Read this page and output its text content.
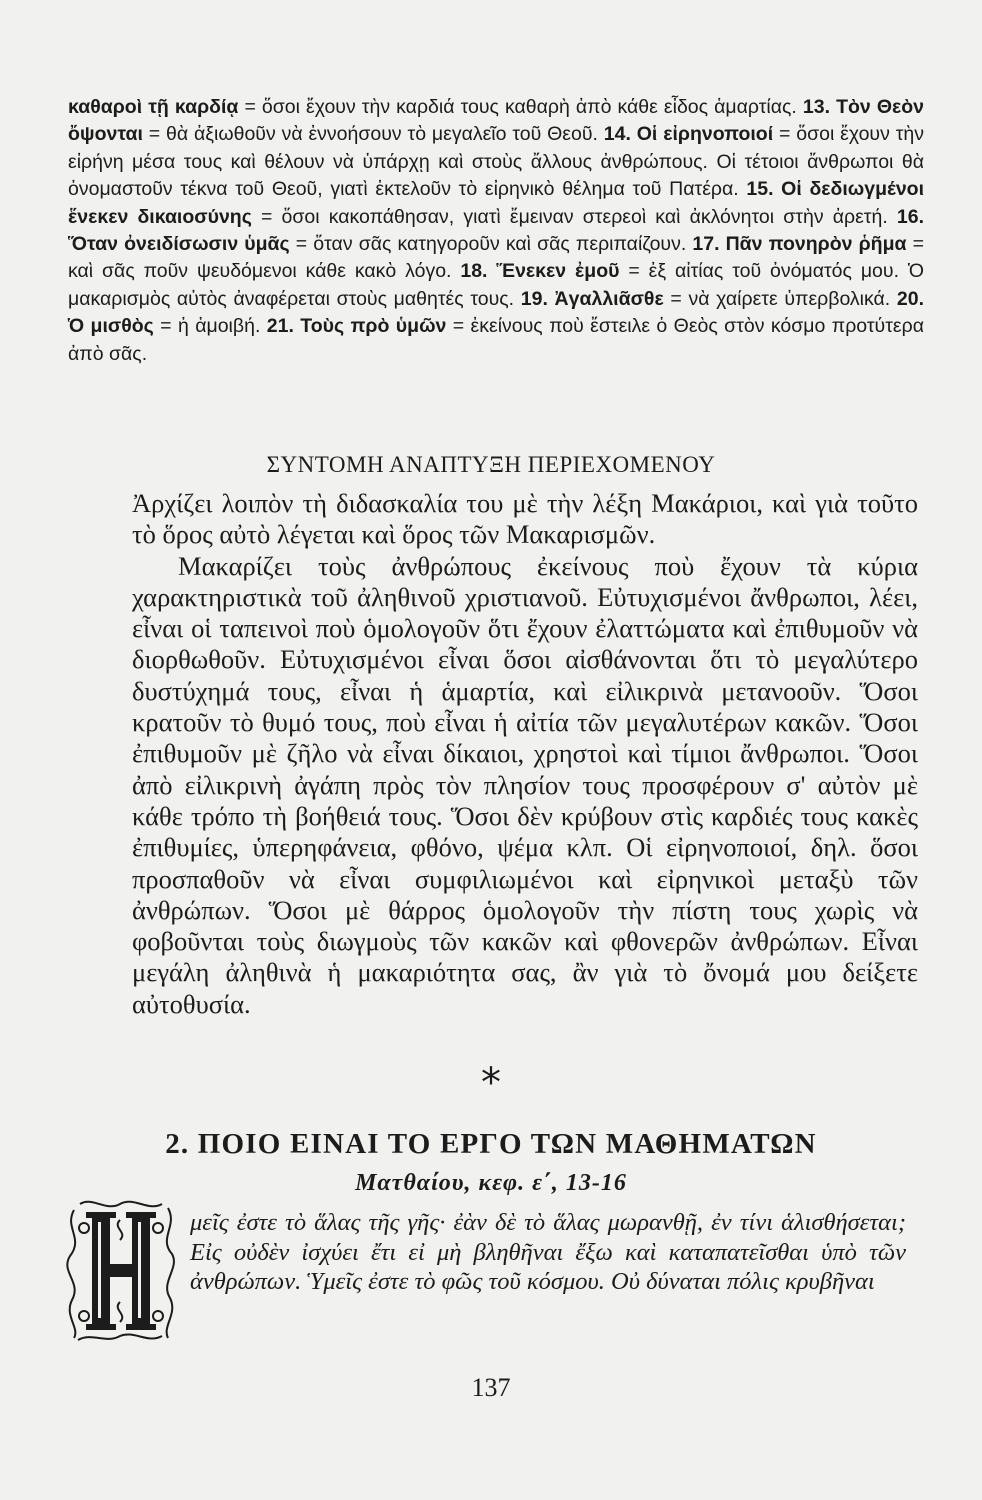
καθαροὶ τῇ καρδίᾳ = ὅσοι ἔχουν τὴν καρδιά τους καθαρὴ ἀπὸ κάθε εἶδος ἁμαρτίας. 13. Τὸν Θεὸν ὄψονται = θὰ ἀξιωθοῦν νὰ ἐννοήσουν τὸ μεγαλεῖο τοῦ Θεοῦ. 14. Οἱ εἰρηνοποιοί = ὅσοι ἔχουν τὴν εἰρήνη μέσα τους καὶ θέλουν νὰ ὑπάρχῃ καὶ στοὺς ἄλλους ἀνθρώπους. Οἱ τέτοιοι ἄνθρωποι θὰ ὀνομαστοῦν τέκνα τοῦ Θεοῦ, γιατὶ ἐκτελοῦν τὸ εἰρηνικὸ θέλημα τοῦ Πατέρα. 15. Οἱ δεδιωγμένοι ἕνεκεν δικαιοσύνης = ὅσοι κακοπάθησαν, γιατὶ ἔμειναν στερεοὶ καὶ ἀκλόνητοι στὴν ἀρετή. 16. Ὅταν ὀνειδίσωσιν ὑμᾶς = ὅταν σᾶς κατηγοροῦν καὶ σᾶς περιπαίζουν. 17. Πᾶν πονηρὸν ῥῆμα = καὶ σᾶς ποῦν ψευδόμενοι κάθε κακὸ λόγο. 18. Ἕνεκεν ἐμοῦ = ἐξ αἰτίας τοῦ ὀνόματός μου. Ὁ μακαρισμὸς αὐτὸς ἀναφέρεται στοὺς μαθητές τους. 19. Ἀγαλλιᾶσθε = νὰ χαίρετε ὑπερβολικά. 20. Ὁ μισθὸς = ἡ ἀμοιβή. 21. Τοὺς πρὸ ὑμῶν = ἐκείνους ποὺ ἔστειλε ὁ Θεὸς στὸν κόσμο προτύτερα ἀπὸ σᾶς.

ΣΥΝΤΟΜΗ ΑΝΑΠΤΥΞΗ ΠΕΡΙΕΧΟΜΕΝΟΥ

Ἀρχίζει λοιπὸν τὴ διδασκαλία του μὲ τὴν λέξη Μακάριοι, καὶ γιὰ τοῦτο τὸ ὅρος αὐτὸ λέγεται καὶ ὅρος τῶν Μακαρισμῶν.

Μακαρίζει τοὺς ἀνθρώπους ἐκείνους ποὺ ἔχουν τὰ κύρια χαρακτηριστικὰ τοῦ ἀληθινοῦ χριστιανοῦ. Εὐτυχισμένοι ἄνθρωποι, λέει, εἶναι οἱ ταπεινοὶ ποὺ ὁμολογοῦν ὅτι ἔχουν ἐλαττώματα καὶ ἐπιθυμοῦν νὰ διορθωθοῦν. Εὐτυχισμένοι εἶναι ὅσοι αἰσθάνονται ὅτι τὸ μεγαλύτερο δυστύχημά τους, εἶναι ἡ ἁμαρτία, καὶ εἰλικρινὰ μετανοοῦν. Ὅσοι κρατοῦν τὸ θυμό τους, ποὺ εἶναι ἡ αἰτία τῶν μεγαλυτέρων κακῶν. Ὅσοι ἐπιθυμοῦν μὲ ζῆλο νὰ εἶναι δίκαιοι, χρηστοὶ καὶ τίμιοι ἄνθρωποι. Ὅσοι ἀπὸ εἰλικρινὴ ἀγάπη πρὸς τὸν πλησίον τους προσφέρουν σ' αὐτὸν μὲ κάθε τρόπο τὴ βοήθειά τους. Ὅσοι δὲν κρύβουν στὶς καρδιές τους κακὲς ἐπιθυμίες, ὑπερηφάνεια, φθόνο, ψέμα κλπ. Οἱ εἰρηνοποιοί, δηλ. ὅσοι προσπαθοῦν νὰ εἶναι συμφιλιωμένοι καὶ εἰρηνικοὶ μεταξὺ τῶν ἀνθρώπων. Ὅσοι μὲ θάρρος ὁμολογοῦν τὴν πίστη τους χωρὶς νὰ φοβοῦνται τοὺς διωγμοὺς τῶν κακῶν καὶ φθονερῶν ἀνθρώπων. Εἶναι μεγάλη ἀληθινὰ ἡ μακαριότητα σας, ἂν γιὰ τὸ ὄνομά μου δείξετε αὐτοθυσία.

*
2. ΠΟΙΟ ΕΙΝΑΙ ΤΟ ΕΡΓΟ ΤΩΝ ΜΑΘΗΜΑΤΩΝ
Ματθαίου, κεφ. ε΄, 13-16

μεῖς ἐστε τὸ ἅλας τῆς γῆς· ἐὰν δὲ τὸ ἅλας μωρανθῇ, ἐν τίνι ἁλισθήσεται; Εἰς οὐδὲν ἰσχύει ἔτι εἰ μὴ βληθῆναι ἔξω καὶ καταπατεῖσθαι ὑπὸ τῶν ἀνθρώπων. Ὑμεῖς ἐστε τὸ φῶς τοῦ κόσμου. Οὐ δύναται πόλις κρυβῆναι

137
